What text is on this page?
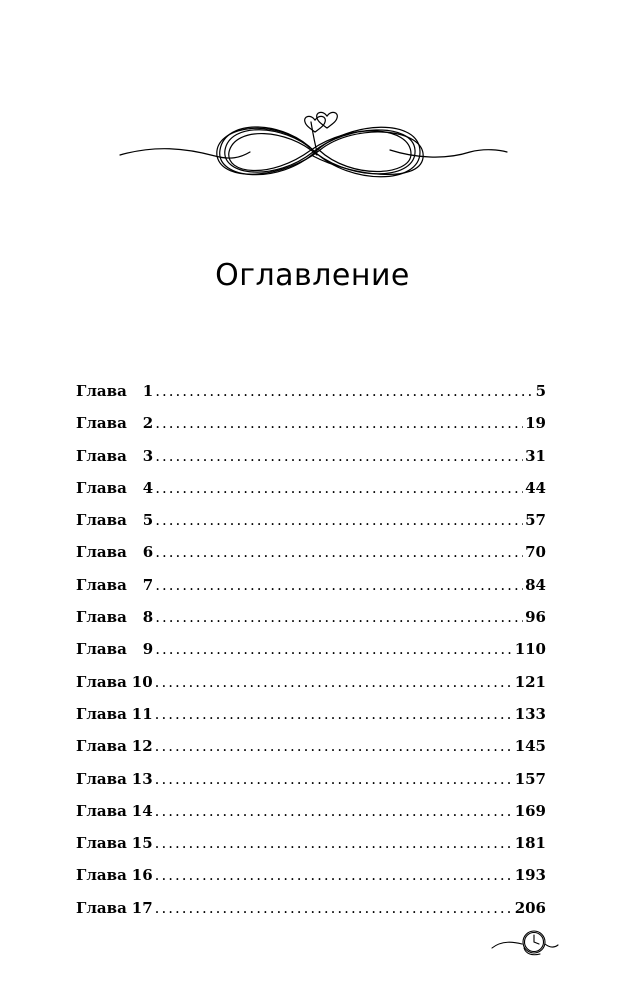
Оглавление
Глава	1 .....	5
Глава	2 .....	19
Глава	3 .....	31
Глава	4 .....	44
Глава	5 .....	57
Глава	6 .....	70
Глава	7 .....	84
Глава	8 .....	96
Глава	9 .....	110
Глава 10 .....	121
Глава 11 .....	133
Глава 12 .....	145
Глава 13 .....	157
Глава 14 .....	169
Глава 15 .....	181
Глава 16 .....	193
Глава 17 .....	206
